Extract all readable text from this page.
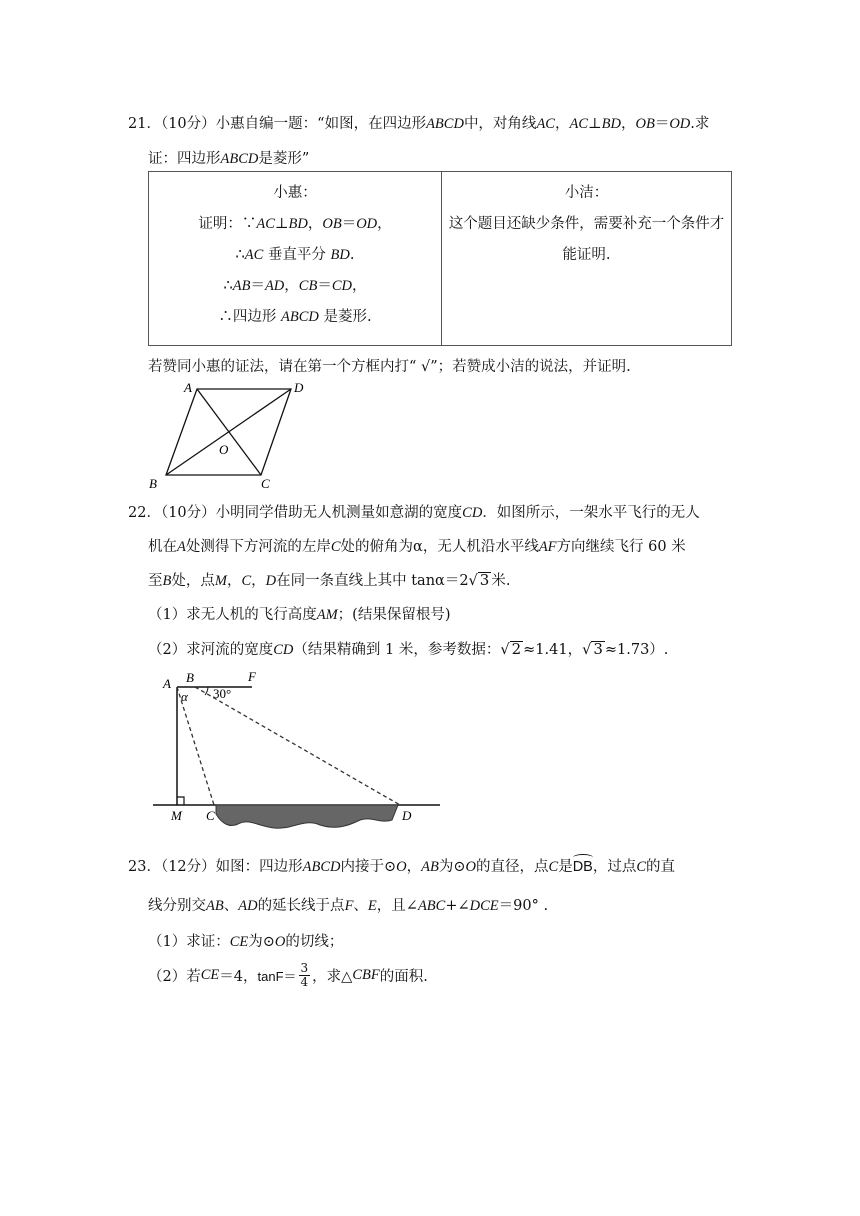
21．（10分）小惠自编一题：“如图，在四边形ABCD中，对角线AC，AC⊥BD，OB＝OD.求
证：四边形ABCD是菱形”
小惠：
证明：∵AC⊥BD，OB＝OD，
∴AC 垂直平分 BD.
∴AB＝AD，CB＝CD，
∴四边形 ABCD 是菱形.

小洁：
这个题目还缺少条件，需要补充一个条件才
能证明.
若赞同小惠的证法，请在第一个方框内打“ √”；若赞成小洁的说法，并证明.
A	D
O
B	C
22．（10分）小明同学借助无人机测量如意湖的宽度CD．如图所示，一架水平飞行的无人
机在A处测得下方河流的左岸C处的俯角为α，无人机沿水平线AF方向继续飞行 60 米
至B处，点M，C，D在同一条直线上其中 tanα＝2√ 3 米.
（1）求无人机的飞行高度AM；(结果保留根号)
（2）求河流的宽度CD（结果精确到 1 米，参考数据：√ 2 ≈1.41，√ 3 ≈1.73）.
A B	F
α 30°
M C	D
23．（12分）如图：四边形ABCD内接于⊙O，AB为⊙O的直径，点C是
DB，过点C的直
线分别交AB、AD的延长线于点F、E，且∠ABC+∠DCE＝90° .
（1）求证：CE为⊙O的切线；
（2）若 CE ＝4， $\tan F= \frac{3}{4}$ ，求△ CBF 的面积.
